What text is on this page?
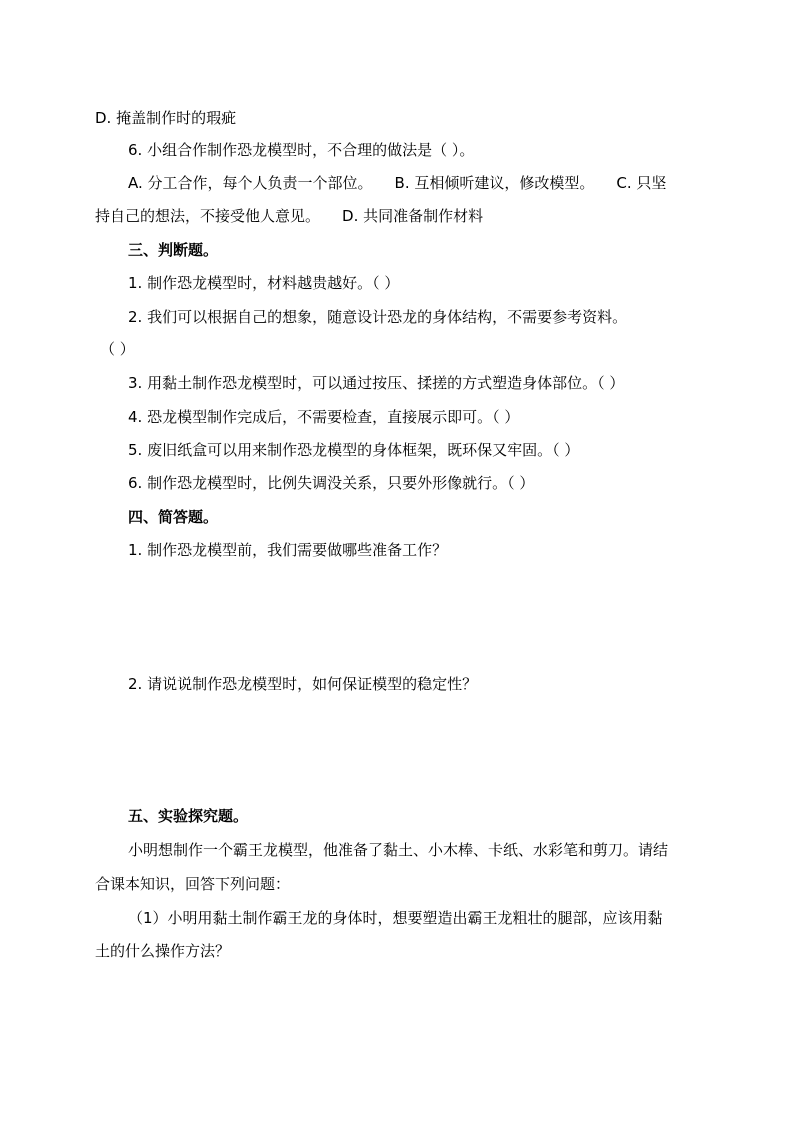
D. 掩盖制作时的瑕疵
6. 小组合作制作恐龙模型时，不合理的做法是（ ）。
A. 分工合作，每个人负责一个部位。 B. 互相倾听建议，修改模型。 C. 只坚
持自己的想法，不接受他人意见。 D. 共同准备制作材料
三、判断题。
1. 制作恐龙模型时，材料越贵越好。（ ）
2. 我们可以根据自己的想象，随意设计恐龙的身体结构，不需要参考资料。
（ ）
3. 用黏土制作恐龙模型时，可以通过按压、揉搓的方式塑造身体部位。（ ）
4. 恐龙模型制作完成后，不需要检查，直接展示即可。（ ）
5. 废旧纸盒可以用来制作恐龙模型的身体框架，既环保又牢固。（ ）
6. 制作恐龙模型时，比例失调没关系，只要外形像就行。（ ）
四、简答题。
1. 制作恐龙模型前，我们需要做哪些准备工作？
2. 请说说制作恐龙模型时，如何保证模型的稳定性？
五、实验探究题。
小明想制作一个霸王龙模型，他准备了黏土、小木棒、卡纸、水彩笔和剪刀。请结
合课本知识，回答下列问题：
（1）小明用黏土制作霸王龙的身体时，想要塑造出霸王龙粗壮的腿部，应该用黏
土的什么操作方法？
